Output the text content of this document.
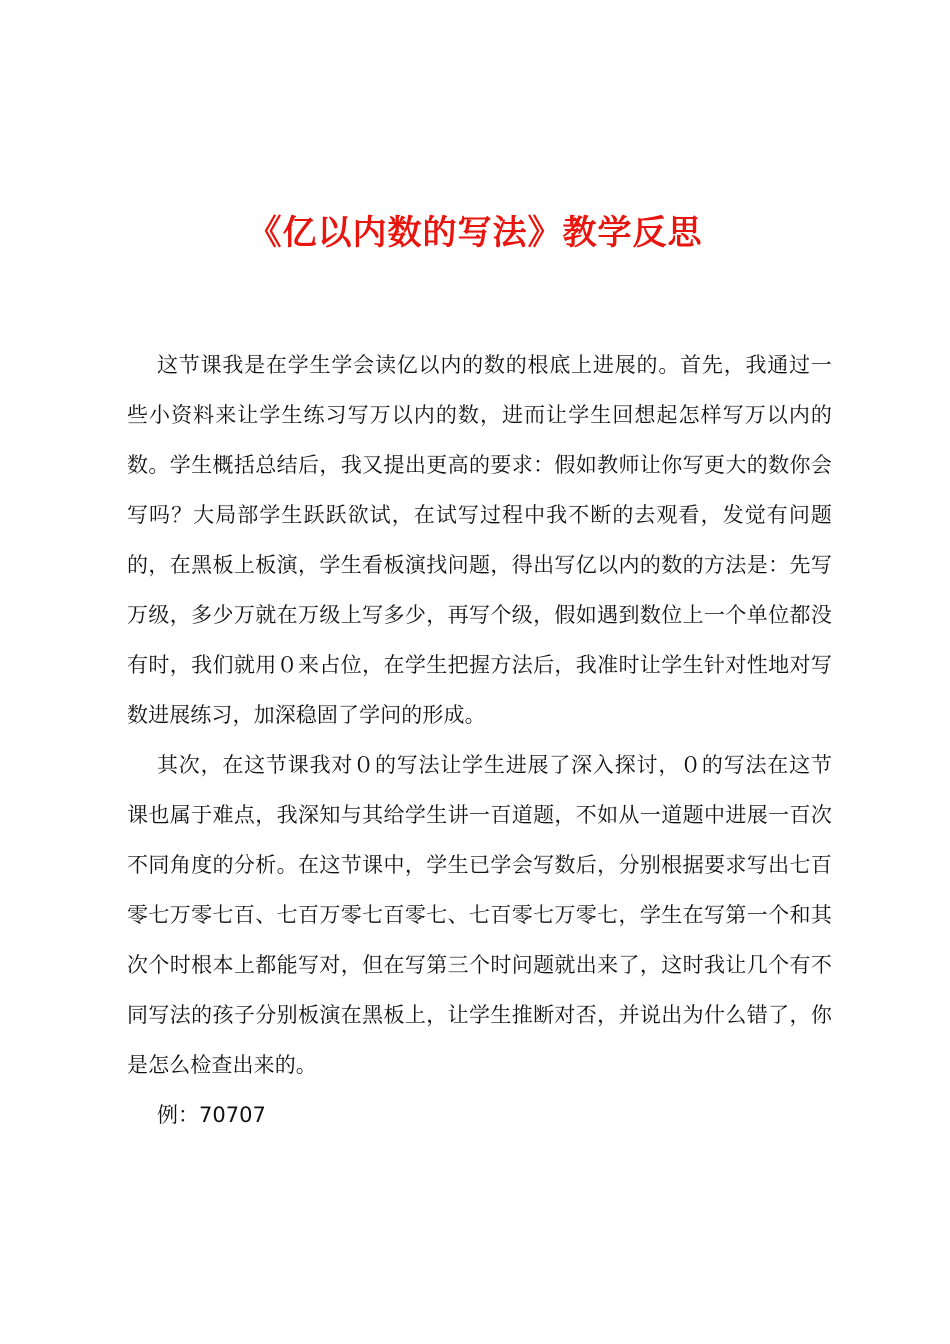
《亿以内数的写法》教学反思

这节课我是在学生学会读亿以内的数的根底上进展的。首先，我通过一些小资料来让学生练习写万以内的数，进而让学生回想起怎样写万以内的数。学生概括总结后，我又提出更高的要求：假如教师让你写更大的数你会写吗？大局部学生跃跃欲试，在试写过程中我不断的去观看，发觉有问题的，在黑板上板演，学生看板演找问题，得出写亿以内的数的方法是：先写万级，多少万就在万级上写多少，再写个级，假如遇到数位上一个单位都没有时，我们就用０来占位，在学生把握方法后，我准时让学生针对性地对写数进展练习，加深稳固了学问的形成。

其次，在这节课我对０的写法让学生进展了深入探讨，０的写法在这节课也属于难点，我深知与其给学生讲一百道题，不如从一道题中进展一百次不同角度的分析。在这节课中，学生已学会写数后，分别根据要求写出七百零七万零七百、七百万零七百零七、七百零七万零七，学生在写第一个和其次个时根本上都能写对，但在写第三个时问题就出来了，这时我让几个有不同写法的孩子分别板演在黑板上，让学生推断对否，并说出为什么错了，你是怎么检查出来的。

例：70707
